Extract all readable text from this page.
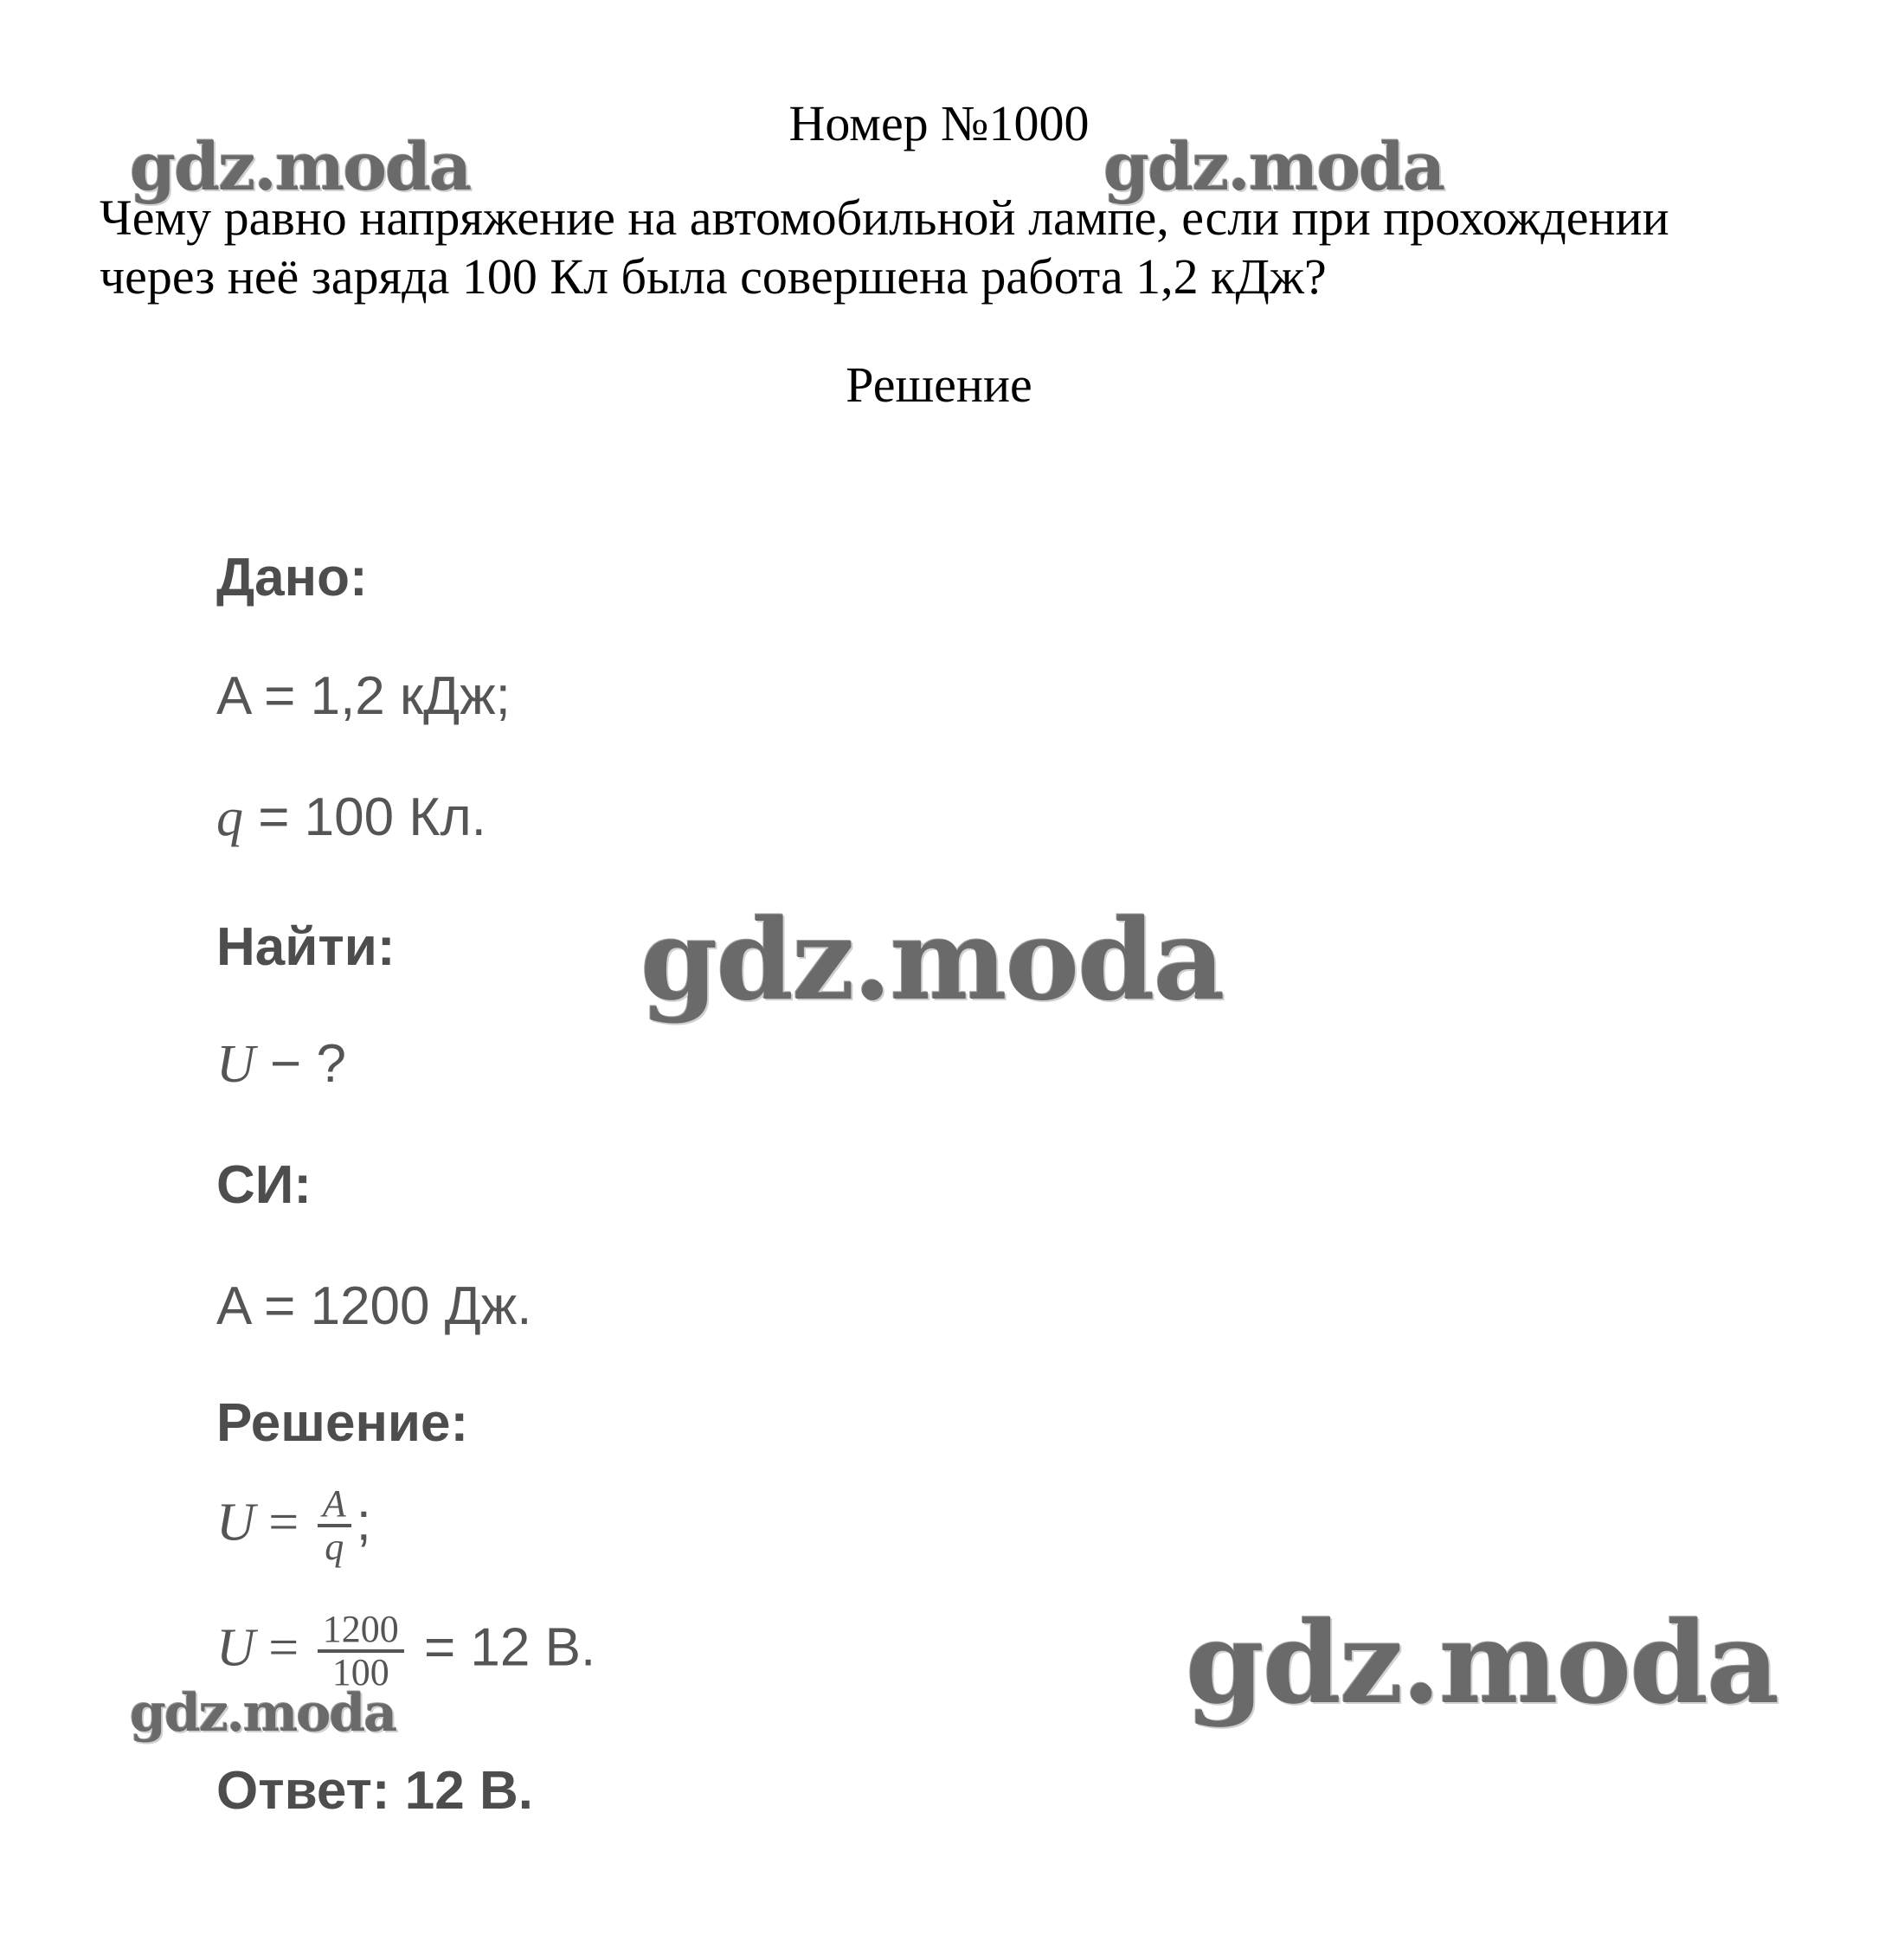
Номер №1000
Чему равно напряжение на автомобильной лампе, если при прохождении
через неё заряда 100 Кл была совершена работа 1,2 кДж?
Решение
Дано:
A = 1,2 кДж;
q = 100 Кл.
Найти:
U − ?
СИ:
A = 1200 Дж.
Решение:
$U = \frac{A}{q}$ ;
$U = \frac{1200}{100} = 12$ В.
Ответ: 12 В.
gdz.moda	gdz.moda
gdz.moda
gdz.moda
gdz.moda
